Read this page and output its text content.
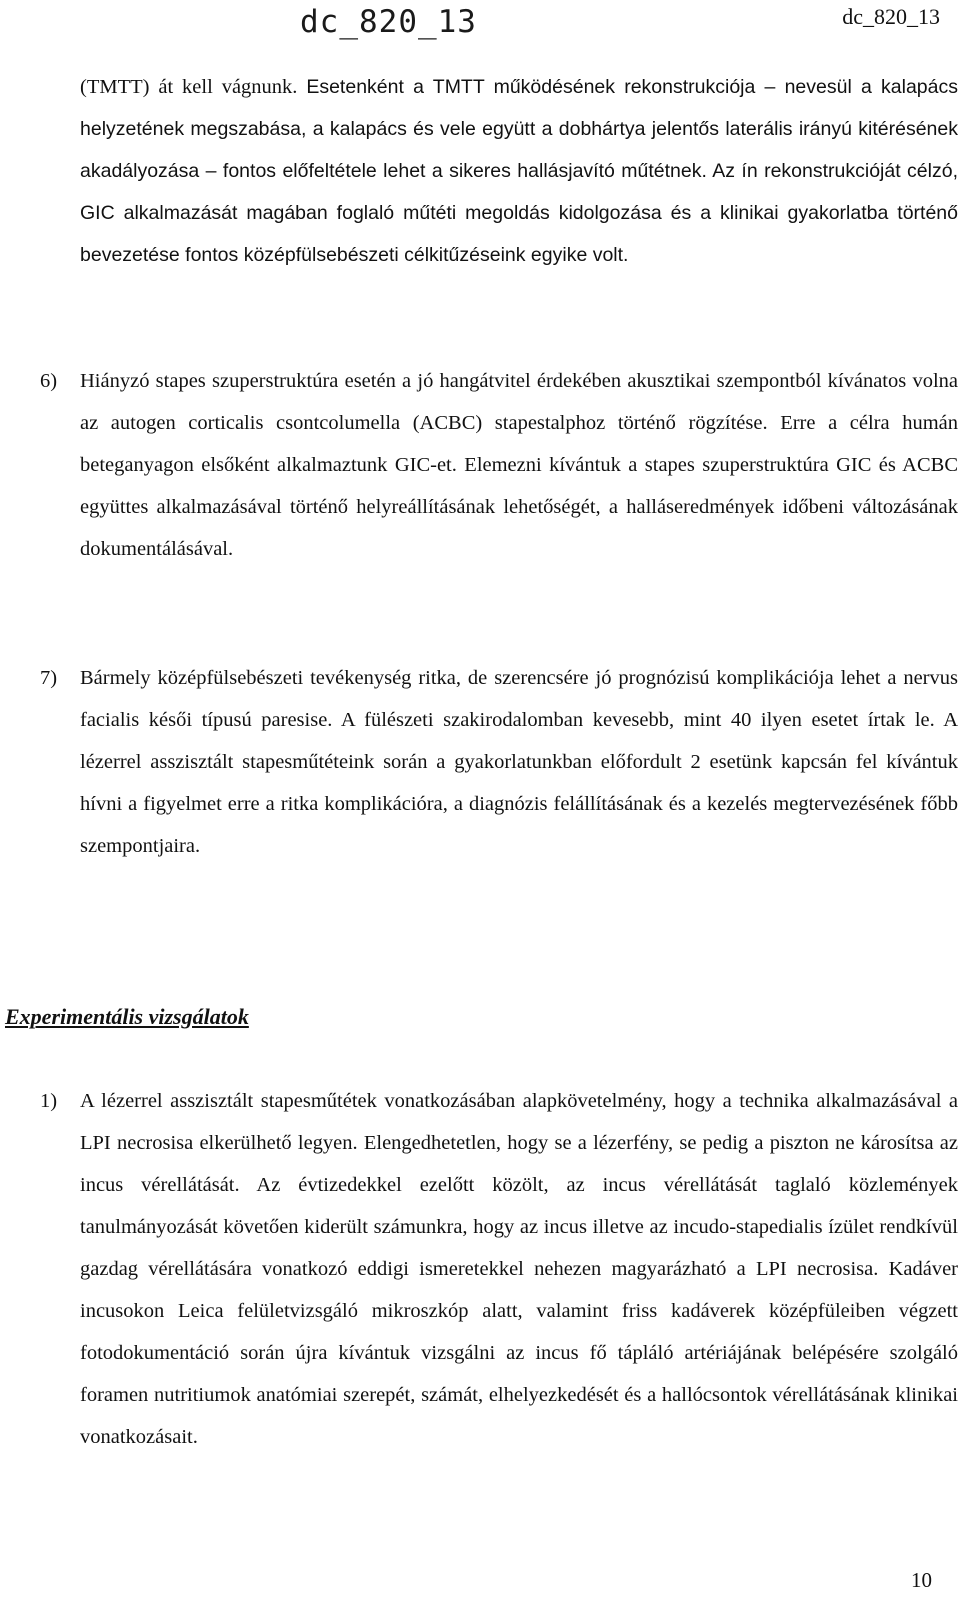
dc_820_13	dc_820_13

(TMTT) át kell vágnunk. Esetenként a TMTT működésének rekonstrukciója – nevesül a kalapács helyzetének megszabása, a kalapács és vele együtt a dobhártya jelentős laterális irányú kitérésének akadályozása – fontos előfeltétele lehet a sikeres hallásjavító műtétnek. Az ín rekonstrukcióját célzó, GIC alkalmazását magában foglaló műtéti megoldás kidolgozása és a klinikai gyakorlatba történő bevezetése fontos középfülsebészeti célkitűzéseink egyike volt.

6) Hiányzó stapes szuperstruktúra esetén a jó hangátvitel érdekében akusztikai szempontból kívánatos volna az autogen corticalis csontcolumella (ACBC) stapestalphoz történő rögzítése. Erre a célra humán beteganyagon elsőként alkalmaztunk GIC-et. Elemezni kívántuk a stapes szuperstruktúra GIC és ACBC együttes alkalmazásával történő helyreállításának lehetőségét, a halláseredmények időbeni változásának dokumentálásával.

7) Bármely középfülsebészeti tevékenység ritka, de szerencsére jó prognózisú komplikációja lehet a nervus facialis késői típusú paresise. A fülészeti szakirodalomban kevesebb, mint 40 ilyen esetet írtak le. A lézerrel asszisztált stapesműtéteink során a gyakorlatunkban előfordult 2 esetünk kapcsán fel kívántuk hívni a figyelmet erre a ritka komplikációra, a diagnózis felállításának és a kezelés megtervezésének főbb szempontjaira.

Experimentális vizsgálatok
1) A lézerrel asszisztált stapesműtétek vonatkozásában alapkövetelmény, hogy a technika alkalmazásával a LPI necrosisa elkerülhető legyen. Elengedhetetlen, hogy se a lézerfény, se pedig a piszton ne károsítsa az incus vérellátását. Az évtizedekkel ezelőtt közölt, az incus vérellátását taglaló közlemények tanulmányozását követően kiderült számunkra, hogy az incus illetve az incudo-stapedialis ízület rendkívül gazdag vérellátására vonatkozó eddigi ismeretekkel nehezen magyarázható a LPI necrosisa. Kadáver incusokon Leica felületvizsgáló mikroszkóp alatt, valamint friss kadáverek középfüleiben végzett fotodokumentáció során újra kívántuk vizsgálni az incus fő tápláló artériájának belépésére szolgáló foramen nutritiumok anatómiai szerepét, számát, elhelyezkedését és a hallócsontok vérellátásának klinikai vonatkozásait.

10
